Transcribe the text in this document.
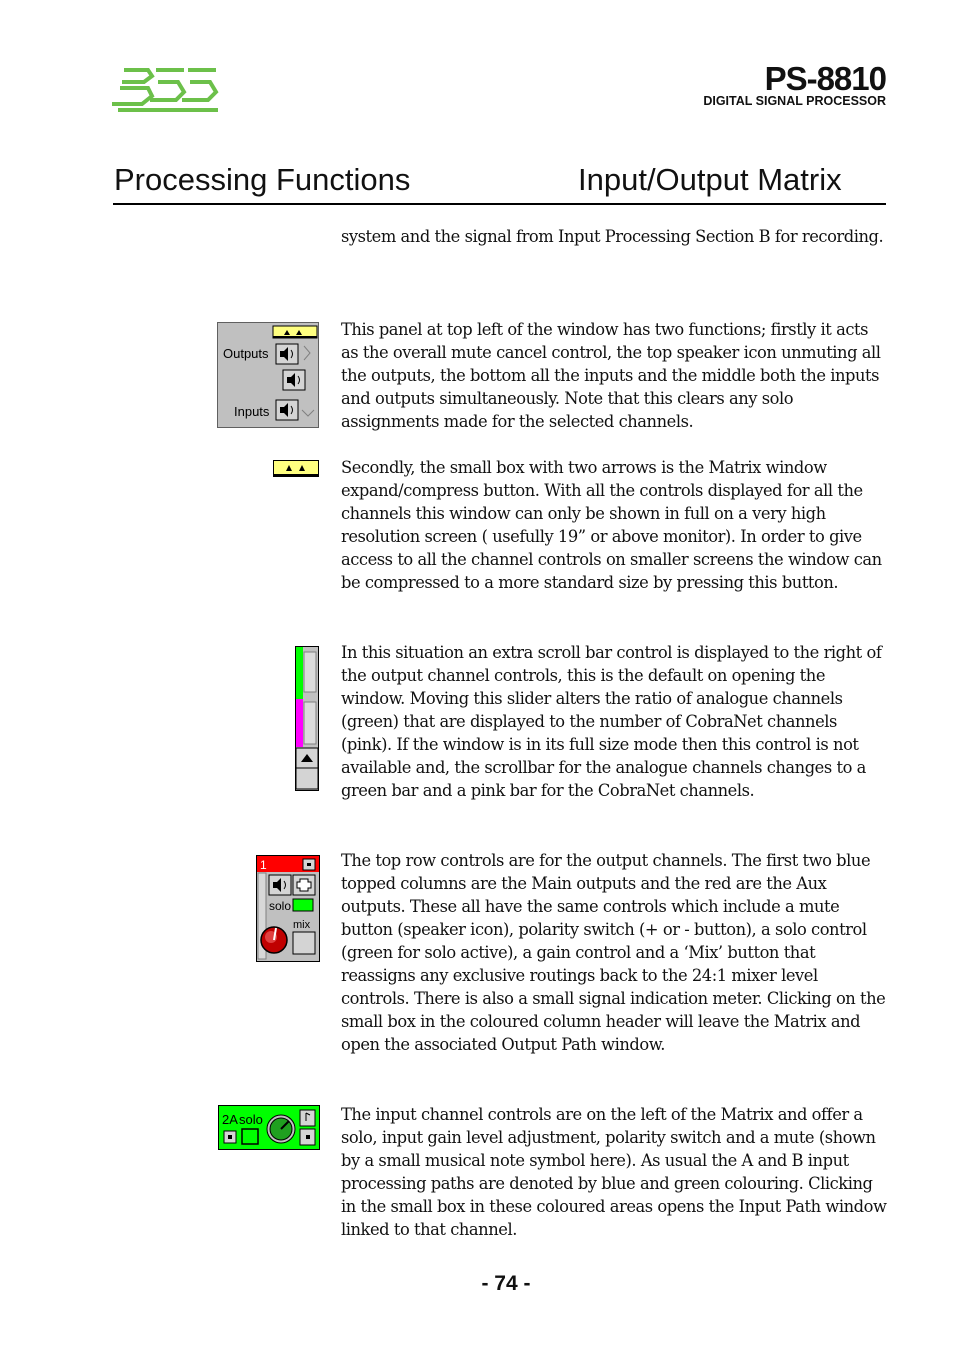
PS-8810
DIGITAL SIGNAL PROCESSOR
Processing Functions	Input/Output Matrix
system and the signal from Input Processing Section B for recording.
This panel at top left of the window has two functions; firstly it acts as the overall mute cancel control, the top speaker icon unmuting all the outputs, the bottom all the inputs and the middle both the inputs and outputs simultaneously. Note that this clears any solo assignments made for the selected channels.
Secondly, the small box with two arrows is the Matrix window expand/compress button. With all the controls displayed for all the channels this window can only be shown in full on a very high resolution screen ( usefully 19” or above monitor). In order to give access to all the channel controls on smaller screens the window can be compressed to a more standard size by pressing this button.
In this situation an extra scroll bar control is displayed to the right of the output channel controls, this is the default on opening the window. Moving this slider alters the ratio of analogue channels (green) that are displayed to the number of CobraNet channels (pink). If the window is in its full size mode then this control is not available and, the scrollbar for the analogue channels changes to a green bar and a pink bar for the CobraNet channels.
The top row controls are for the output channels. The first two blue topped columns are the Main outputs and the red are the Aux outputs. These all have the same controls which include a mute button (speaker icon), polarity switch (+ or - button), a solo control (green for solo active), a gain control and a ‘Mix’ button that reassigns any exclusive routings back to the 24:1 mixer level controls. There is also a small signal indication meter. Clicking on the small box in the coloured column header will leave the Matrix and open the associated Output Path window.
The input channel controls are on the left of the Matrix and offer a solo, input gain level adjustment, polarity switch and a mute (shown by a small musical note symbol here). As usual the A and B input processing paths are denoted by blue and green colouring. Clicking in the small box in these coloured areas opens the Input Path window linked to that channel.
Outputs
Inputs
1
solo
mix
2A solo
- 74 -
